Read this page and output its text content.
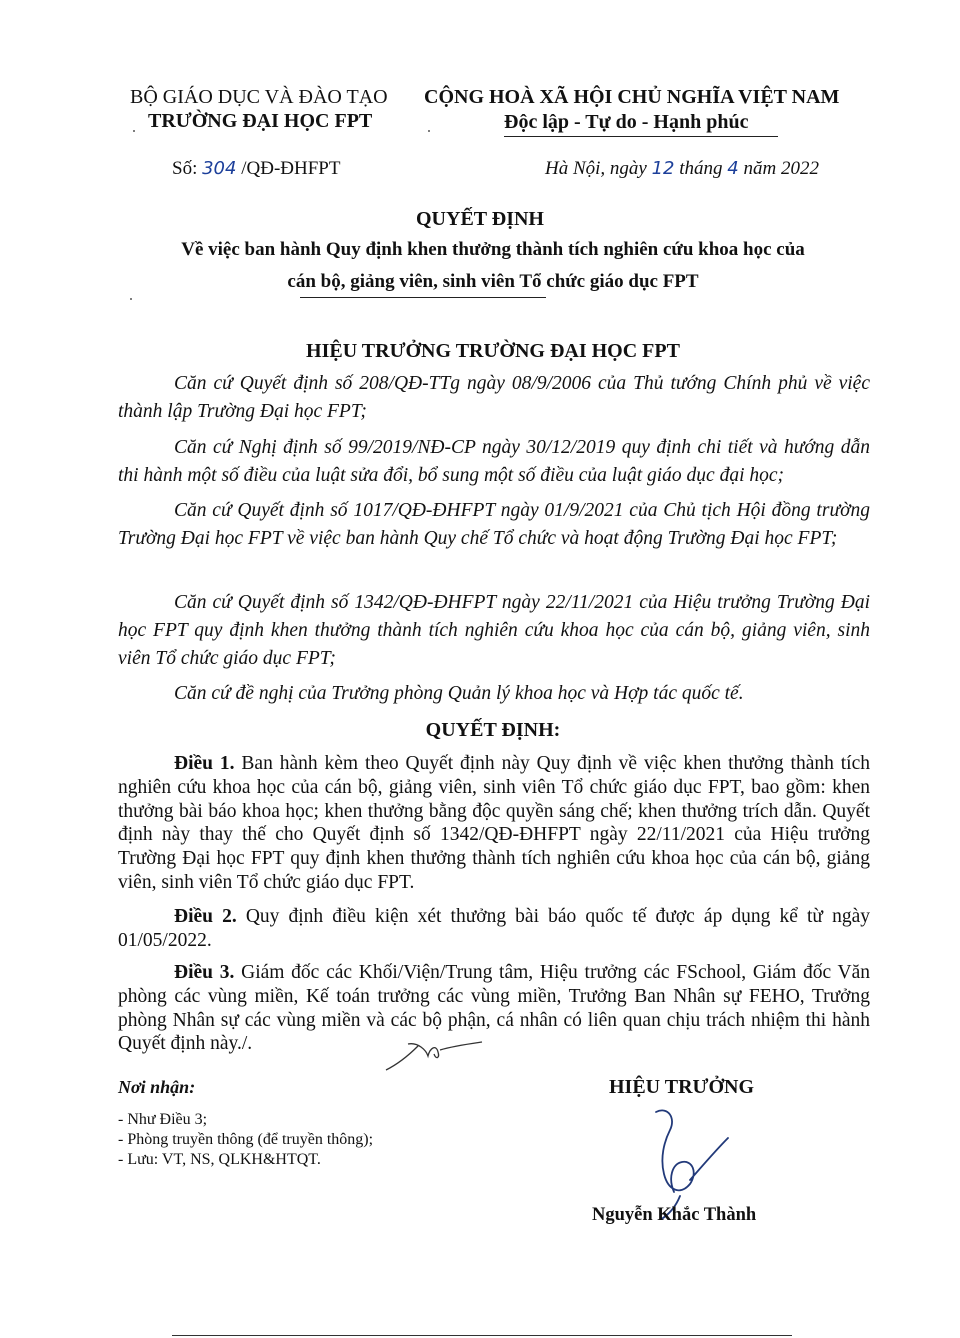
BỘ GIÁO DỤC VÀ ĐÀO TẠO
TRƯỜNG ĐẠI HỌC FPT
CỘNG HOÀ XÃ HỘI CHỦ NGHĨA VIỆT NAM
Độc lập - Tự do - Hạnh phúc
Số: 304 /QĐ-ĐHFPT	Hà Nội, ngày 12 tháng 4 năm 2022
QUYẾT ĐỊNH
Về việc ban hành Quy định khen thưởng thành tích nghiên cứu khoa học của
cán bộ, giảng viên, sinh viên Tổ chức giáo dục FPT
HIỆU TRƯỞNG TRƯỜNG ĐẠI HỌC FPT

Căn cứ Quyết định số 208/QĐ-TTg ngày 08/9/2006 của Thủ tướng Chính phủ về việc thành lập Trường Đại học FPT;

Căn cứ Nghị định số 99/2019/NĐ-CP ngày 30/12/2019 quy định chi tiết và hướng dẫn thi hành một số điều của luật sửa đổi, bổ sung một số điều của luật giáo dục đại học;

Căn cứ Quyết định số 1017/QĐ-ĐHFPT ngày 01/9/2021 của Chủ tịch Hội đồng trường Trường Đại học FPT về việc ban hành Quy chế Tổ chức và hoạt động Trường Đại học FPT;

Căn cứ Quyết định số 1342/QĐ-ĐHFPT ngày 22/11/2021 của Hiệu trưởng Trường Đại học FPT quy định khen thưởng thành tích nghiên cứu khoa học của cán bộ, giảng viên, sinh viên Tổ chức giáo dục FPT;

Căn cứ đề nghị của Trưởng phòng Quản lý khoa học và Hợp tác quốc tế.

QUYẾT ĐỊNH:

Điều 1. Ban hành kèm theo Quyết định này Quy định về việc khen thưởng thành tích nghiên cứu khoa học của cán bộ, giảng viên, sinh viên Tổ chức giáo dục FPT, bao gồm: khen thưởng bài báo khoa học; khen thưởng bằng độc quyền sáng chế; khen thưởng trích dẫn. Quyết định này thay thế cho Quyết định số 1342/QĐ-ĐHFPT ngày 22/11/2021 của Hiệu trưởng Trường Đại học FPT quy định khen thưởng thành tích nghiên cứu khoa học của cán bộ, giảng viên, sinh viên Tổ chức giáo dục FPT.

Điều 2. Quy định điều kiện xét thưởng bài báo quốc tế được áp dụng kể từ ngày 01/05/2022.

Điều 3. Giám đốc các Khối/Viện/Trung tâm, Hiệu trưởng các FSchool, Giám đốc Văn phòng các vùng miền, Kế toán trưởng các vùng miền, Trưởng Ban Nhân sự FEHO, Trưởng phòng Nhân sự các vùng miền và các bộ phận, cá nhân có liên quan chịu trách nhiệm thi hành Quyết định này./.

Nơi nhận:
- Như Điều 3;
- Phòng truyền thông (để truyền thông);
- Lưu: VT, NS, QLKH&HTQT.
HIỆU TRƯỞNG
Nguyễn Khắc Thành
